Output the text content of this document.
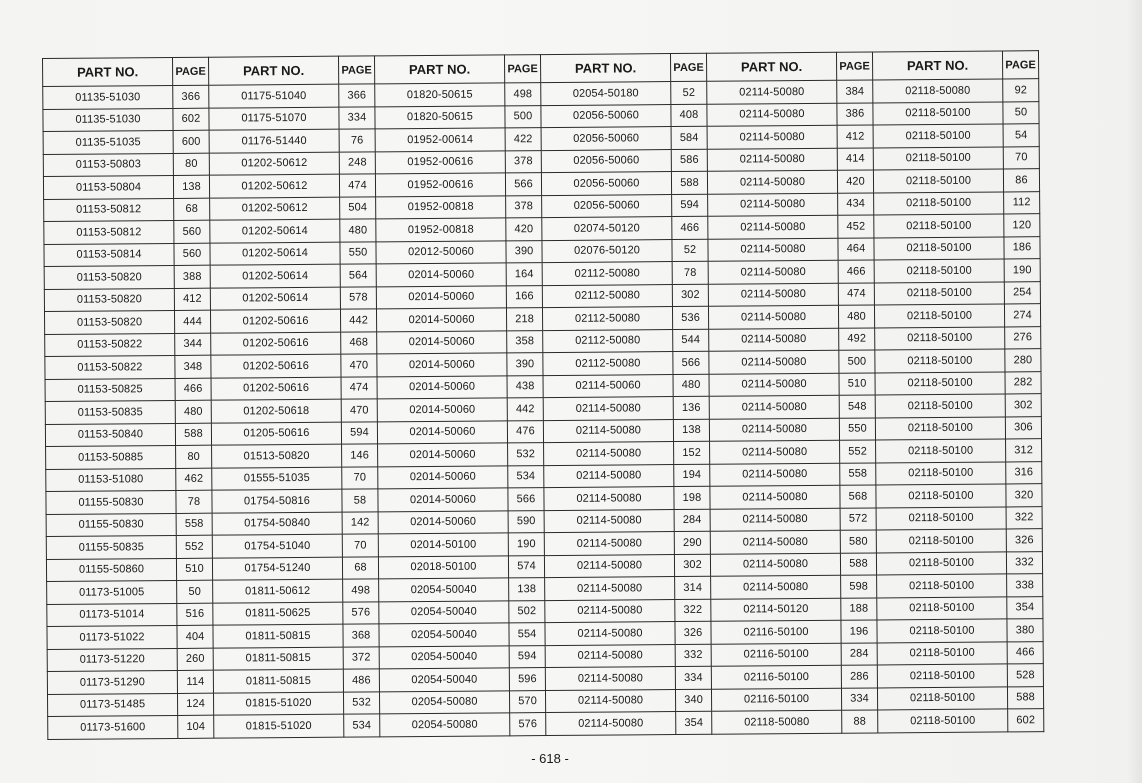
PART NO.	PAGE	PART NO.	PAGE	PART NO.	PAGE	PART NO.	PAGE	PART NO.	PAGE	PART NO.	PAGE
01135-51030	366	01175-51040	366	01820-50615	498	02054-50180	52	02114-50080	384	02118-50080	92
01135-51030	602	01175-51070	334	01820-50615	500	02056-50060	408	02114-50080	386	02118-50100	50
01135-51035	600	01176-51440	76	01952-00614	422	02056-50060	584	02114-50080	412	02118-50100	54
01153-50803	80	01202-50612	248	01952-00616	378	02056-50060	586	02114-50080	414	02118-50100	70
01153-50804	138	01202-50612	474	01952-00616	566	02056-50060	588	02114-50080	420	02118-50100	86
01153-50812	68	01202-50612	504	01952-00818	378	02056-50060	594	02114-50080	434	02118-50100	112
01153-50812	560	01202-50614	480	01952-00818	420	02074-50120	466	02114-50080	452	02118-50100	120
01153-50814	560	01202-50614	550	02012-50060	390	02076-50120	52	02114-50080	464	02118-50100	186
01153-50820	388	01202-50614	564	02014-50060	164	02112-50080	78	02114-50080	466	02118-50100	190
01153-50820	412	01202-50614	578	02014-50060	166	02112-50080	302	02114-50080	474	02118-50100	254
01153-50820	444	01202-50616	442	02014-50060	218	02112-50080	536	02114-50080	480	02118-50100	274
01153-50822	344	01202-50616	468	02014-50060	358	02112-50080	544	02114-50080	492	02118-50100	276
01153-50822	348	01202-50616	470	02014-50060	390	02112-50080	566	02114-50080	500	02118-50100	280
01153-50825	466	01202-50616	474	02014-50060	438	02114-50060	480	02114-50080	510	02118-50100	282
01153-50835	480	01202-50618	470	02014-50060	442	02114-50080	136	02114-50080	548	02118-50100	302
01153-50840	588	01205-50616	594	02014-50060	476	02114-50080	138	02114-50080	550	02118-50100	306
01153-50885	80	01513-50820	146	02014-50060	532	02114-50080	152	02114-50080	552	02118-50100	312
01153-51080	462	01555-51035	70	02014-50060	534	02114-50080	194	02114-50080	558	02118-50100	316
01155-50830	78	01754-50816	58	02014-50060	566	02114-50080	198	02114-50080	568	02118-50100	320
01155-50830	558	01754-50840	142	02014-50060	590	02114-50080	284	02114-50080	572	02118-50100	322
01155-50835	552	01754-51040	70	02014-50100	190	02114-50080	290	02114-50080	580	02118-50100	326
01155-50860	510	01754-51240	68	02018-50100	574	02114-50080	302	02114-50080	588	02118-50100	332
01173-51005	50	01811-50612	498	02054-50040	138	02114-50080	314	02114-50080	598	02118-50100	338
01173-51014	516	01811-50625	576	02054-50040	502	02114-50080	322	02114-50120	188	02118-50100	354
01173-51022	404	01811-50815	368	02054-50040	554	02114-50080	326	02116-50100	196	02118-50100	380
01173-51220	260	01811-50815	372	02054-50040	594	02114-50080	332	02116-50100	284	02118-50100	466
01173-51290	114	01811-50815	486	02054-50040	596	02114-50080	334	02116-50100	286	02118-50100	528
01173-51485	124	01815-51020	532	02054-50080	570	02114-50080	340	02116-50100	334	02118-50100	588
01173-51600	104	01815-51020	534	02054-50080	576	02114-50080	354	02118-50080	88	02118-50100	602
- 618 -
